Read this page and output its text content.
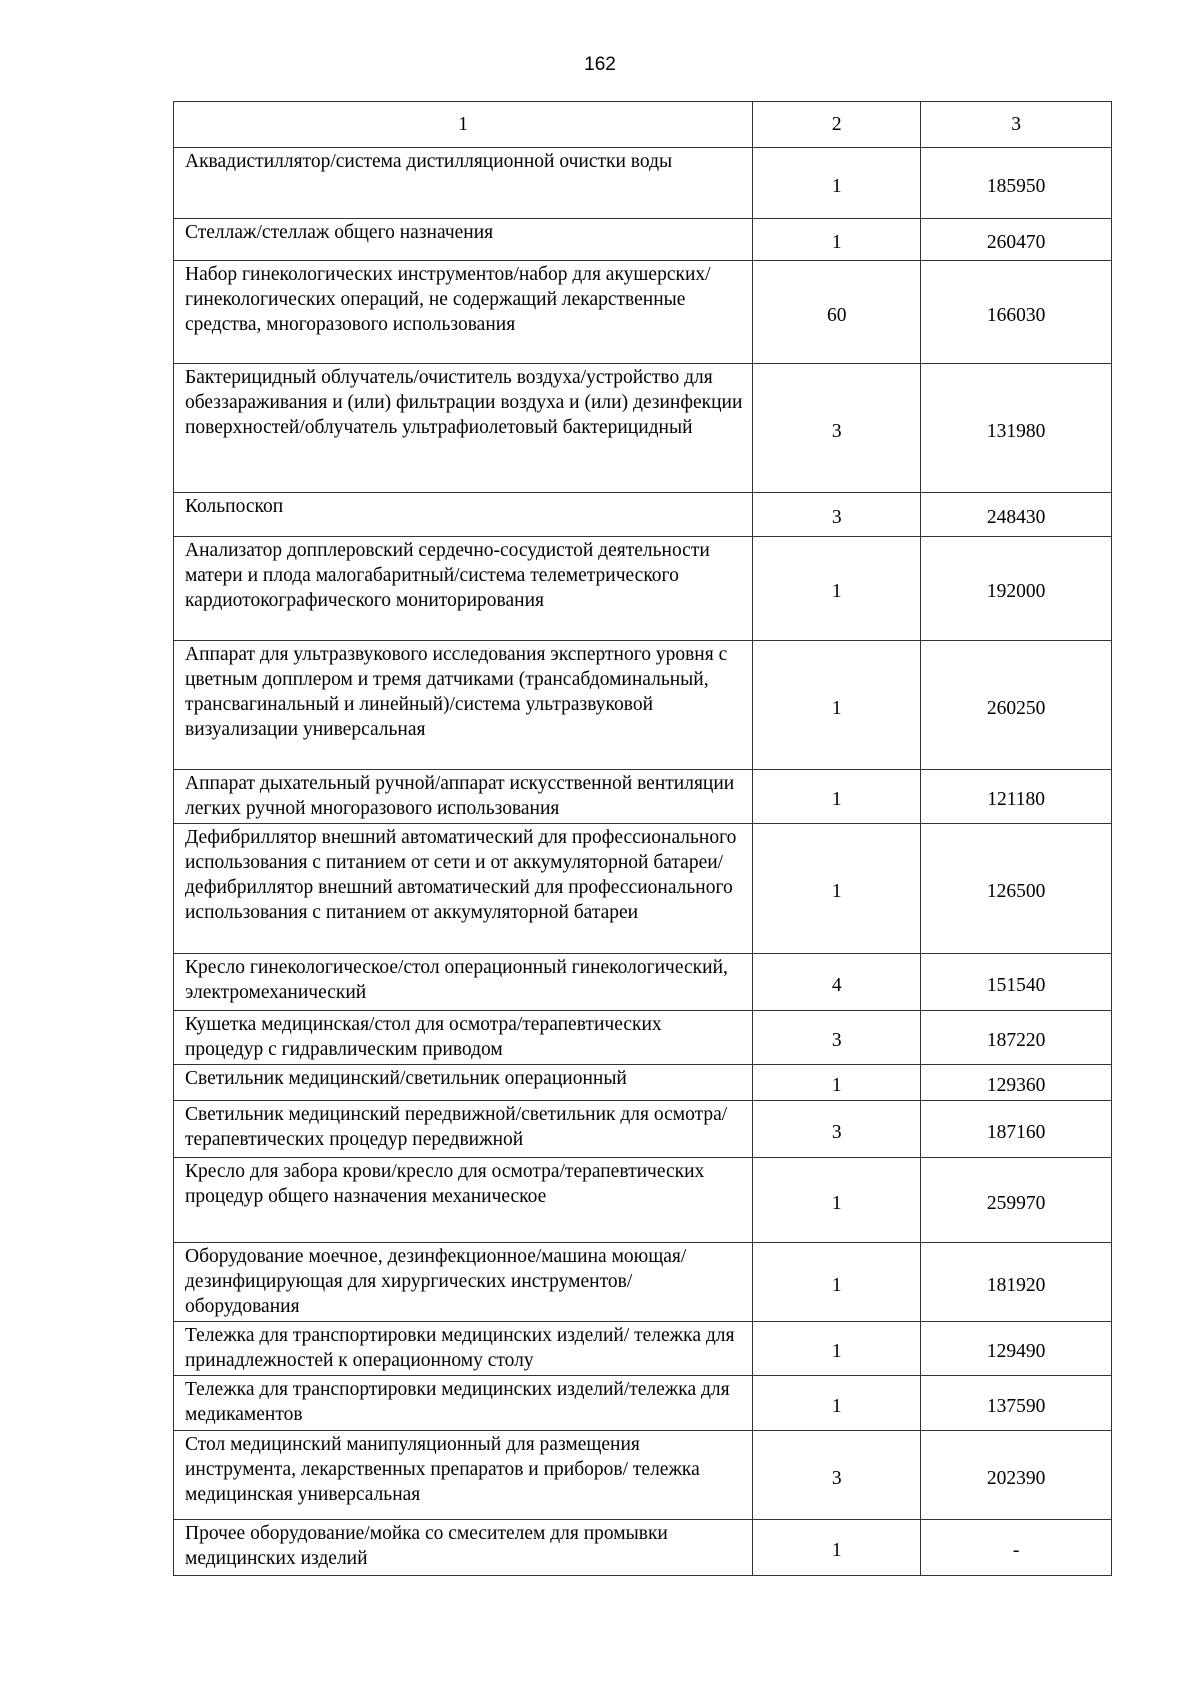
162
1	2	3
Аквадистиллятор/система дистилляционной очистки воды	1	185950
Стеллаж/стеллаж общего назначения	1	260470
Набор гинекологических инструментов/набор для акушерских/гинекологических операций, не содержащий лекарственные средства, многоразового использования	60	166030
Бактерицидный облучатель/очиститель воздуха/устройство для обеззараживания и (или) фильтрации воздуха и (или) дезинфекции поверхностей/облучатель ультрафиолетовый бактерицидный	3	131980
Кольпоскоп	3	248430
Анализатор допплеровский сердечно-сосудистой деятельности матери и плода малогабаритный/система телеметрического кардиотокографического мониторирования	1	192000
Аппарат для ультразвукового исследования экспертного уровня с цветным допплером и тремя датчиками (трансабдоминальный, трансвагинальный и линейный)/система ультразвуковой визуализации универсальная	1	260250
Аппарат дыхательный ручной/аппарат искусственной вентиляции легких ручной многоразового использования	1	121180
Дефибриллятор внешний автоматический для профессионального использования с питанием от сети и от аккумуляторной батареи/дефибриллятор внешний автоматический для профессионального использования с питанием от аккумуляторной батареи	1	126500
Кресло гинекологическое/стол операционный гинекологический, электромеханический	4	151540
Кушетка медицинская/стол для осмотра/терапевтических процедур с гидравлическим приводом	3	187220
Светильник медицинский/светильник операционный	1	129360
Светильник медицинский передвижной/светильник для осмотра/терапевтических процедур передвижной	3	187160
Кресло для забора крови/кресло для осмотра/терапевтических процедур общего назначения механическое	1	259970
Оборудование моечное, дезинфекционное/машина моющая/дезинфицирующая для хирургических инструментов/оборудования	1	181920
Тележка для транспортировки медицинских изделий/ тележка для принадлежностей к операционному столу	1	129490
Тележка для транспортировки медицинских изделий/тележка для медикаментов	1	137590
Стол медицинский манипуляционный для размещения инструмента, лекарственных препаратов и приборов/ тележка медицинская универсальная	3	202390
Прочее оборудование/мойка со смесителем для промывки медицинских изделий	1	-
